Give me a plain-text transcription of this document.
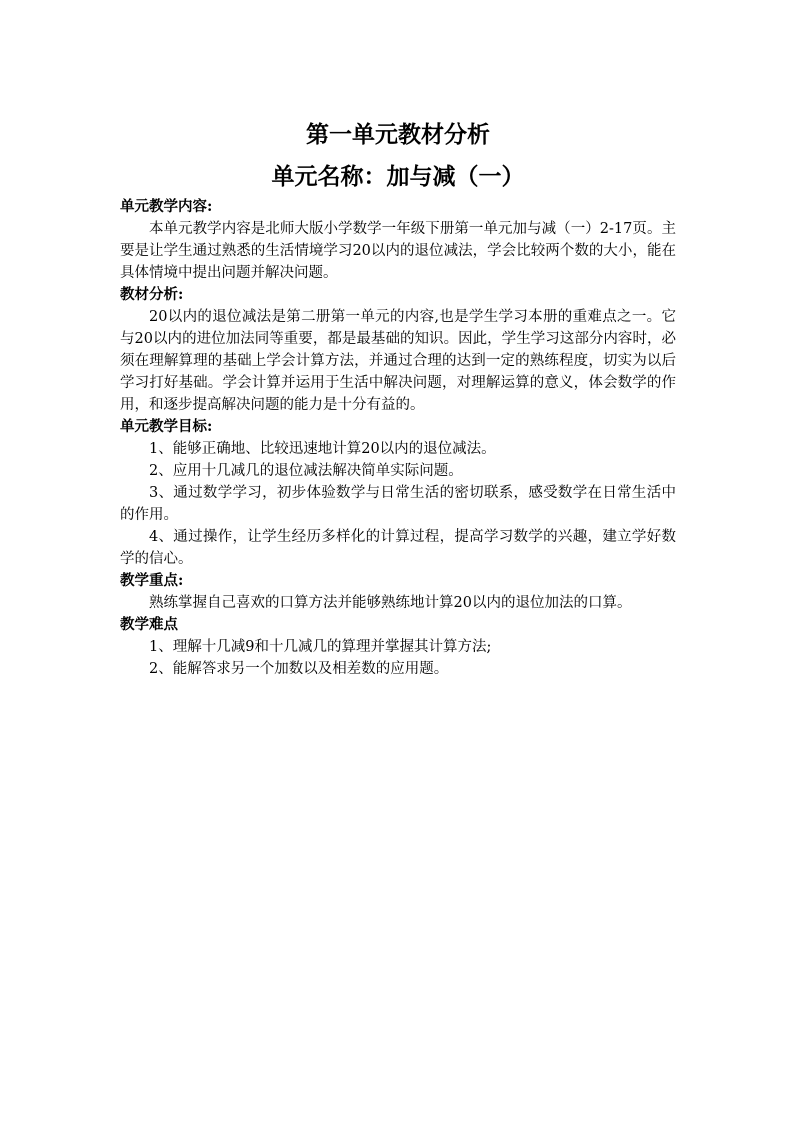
第一单元教材分析
单元名称：加与减（一）

单元教学内容:

本单元教学内容是北师大版小学数学一年级下册第一单元加与减（一）2-17页。主要是让学生通过熟悉的生活情境学习20以内的退位减法，学会比较两个数的大小，能在具体情境中提出问题并解决问题。

教材分析:

20以内的退位减法是第二册第一单元的内容,也是学生学习本册的重难点之一。它与20以内的进位加法同等重要，都是最基础的知识。因此，学生学习这部分内容时，必须在理解算理的基础上学会计算方法，并通过合理的达到一定的熟练程度，切实为以后学习打好基础。学会计算并运用于生活中解决问题，对理解运算的意义，体会数学的作用，和逐步提高解决问题的能力是十分有益的。

单元教学目标:

1、能够正确地、比较迅速地计算20以内的退位减法。

2、应用十几减几的退位减法解决简单实际问题。

3、通过数学学习，初步体验数学与日常生活的密切联系，感受数学在日常生活中的作用。

4、通过操作，让学生经历多样化的计算过程，提高学习数学的兴趣，建立学好数学的信心。

教学重点:

熟练掌握自己喜欢的口算方法并能够熟练地计算20以内的退位加法的口算。

教学难点

1、理解十几减9和十几减几的算理并掌握其计算方法;

2、能解答求另一个加数以及相差数的应用题。
